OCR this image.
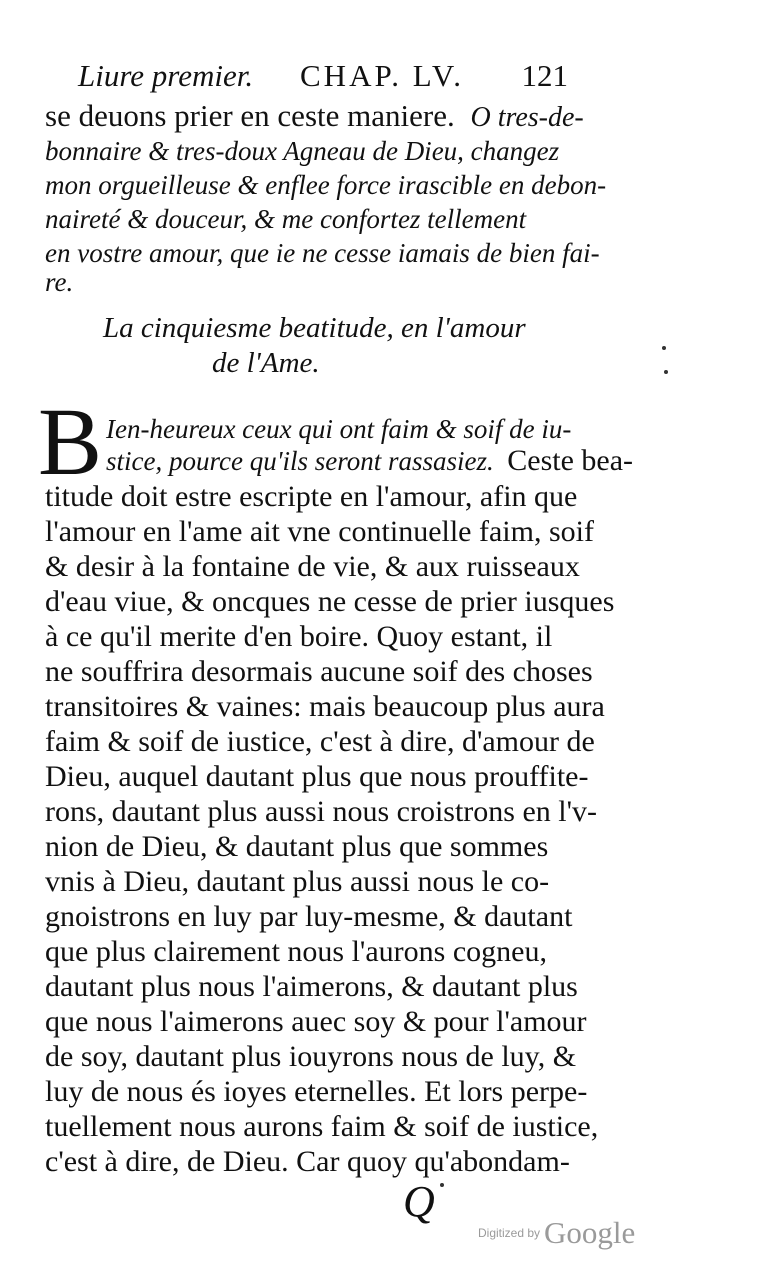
Liure premier. CHAP. LV. 121
se deuons prier en ceste maniere. O tres-de-
bonnaire & tres-doux Agneau de Dieu, changez
mon orgueilleuse & enflee force irascible en debon-
naireté & douceur, & me confortez tellement
en vostre amour, que ie ne cesse iamais de bien fai-
re.
La cinquiesme beatitude, en l'amour
de l'Ame.
B Ien-heureux ceux qui ont faim & soif de iu-
stice, pource qu'ils seront rassasiez. Ceste bea-
titude doit estre escripte en l'amour, afin que
l'amour en l'ame ait vne continuelle faim, soif
& desir à la fontaine de vie, & aux ruisseaux
d'eau viue, & oncques ne cesse de prier iusques
à ce qu'il merite d'en boire. Quoy estant, il
ne souffrira desormais aucune soif des choses
transitoires & vaines: mais beaucoup plus aura
faim & soif de iustice, c'est à dire, d'amour de
Dieu, auquel dautant plus que nous prouffite-
rons, dautant plus aussi nous croistrons en l'v-
nion de Dieu, & dautant plus que sommes
vnis à Dieu, dautant plus aussi nous le co-
gnoistrons en luy par luy-mesme, & dautant
que plus clairement nous l'aurons cogneu,
dautant plus nous l'aimerons, & dautant plus
que nous l'aimerons auec soy & pour l'amour
de soy, dautant plus iouyrons nous de luy, &
luy de nous és ioyes eternelles. Et lors perpe-
tuellement nous aurons faim & soif de iustice,
c'est à dire, de Dieu. Car quoy qu'abondam-
Q
Digitized by Google
